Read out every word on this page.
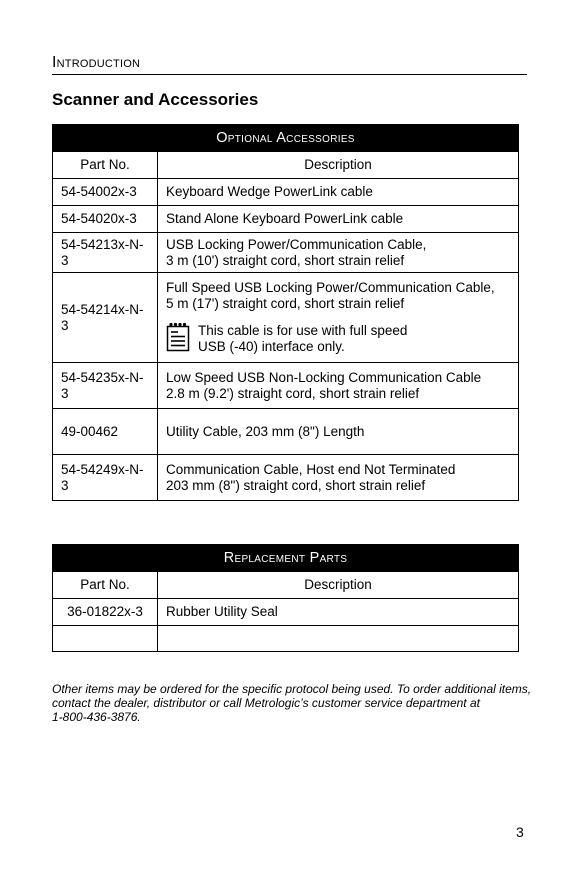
Introduction
Scanner and Accessories
Optional Accessories	
Part No.	Description
54-54002x-3	Keyboard Wedge PowerLink cable
54-54020x-3	Stand Alone Keyboard PowerLink cable
54-54213x-N-3	USB Locking Power/Communication Cable,
3 m (10') straight cord, short strain relief

54-54214x-N-3	Full Speed USB Locking Power/Communication Cable,
5 m (17') straight cord, short strain relief
This cable is for use with full speed
USB (-40) interface only.

54-54235x-N-3	Low Speed USB Non-Locking Communication Cable
2.8 m (9.2') straight cord, short strain relief

49-00462	Utility Cable, 203 mm (8") Length
54-54249x-N-3	Communication Cable, Host end Not Terminated
203 mm (8") straight cord, short strain relief
Replacement Parts	
Part No.	Description
36-01822x-3	Rubber Utility Seal

Other items may be ordered for the specific protocol being used. To order additional items,
contact the dealer, distributor or call Metrologic’s customer service department at
1-800-436-3876.
3
